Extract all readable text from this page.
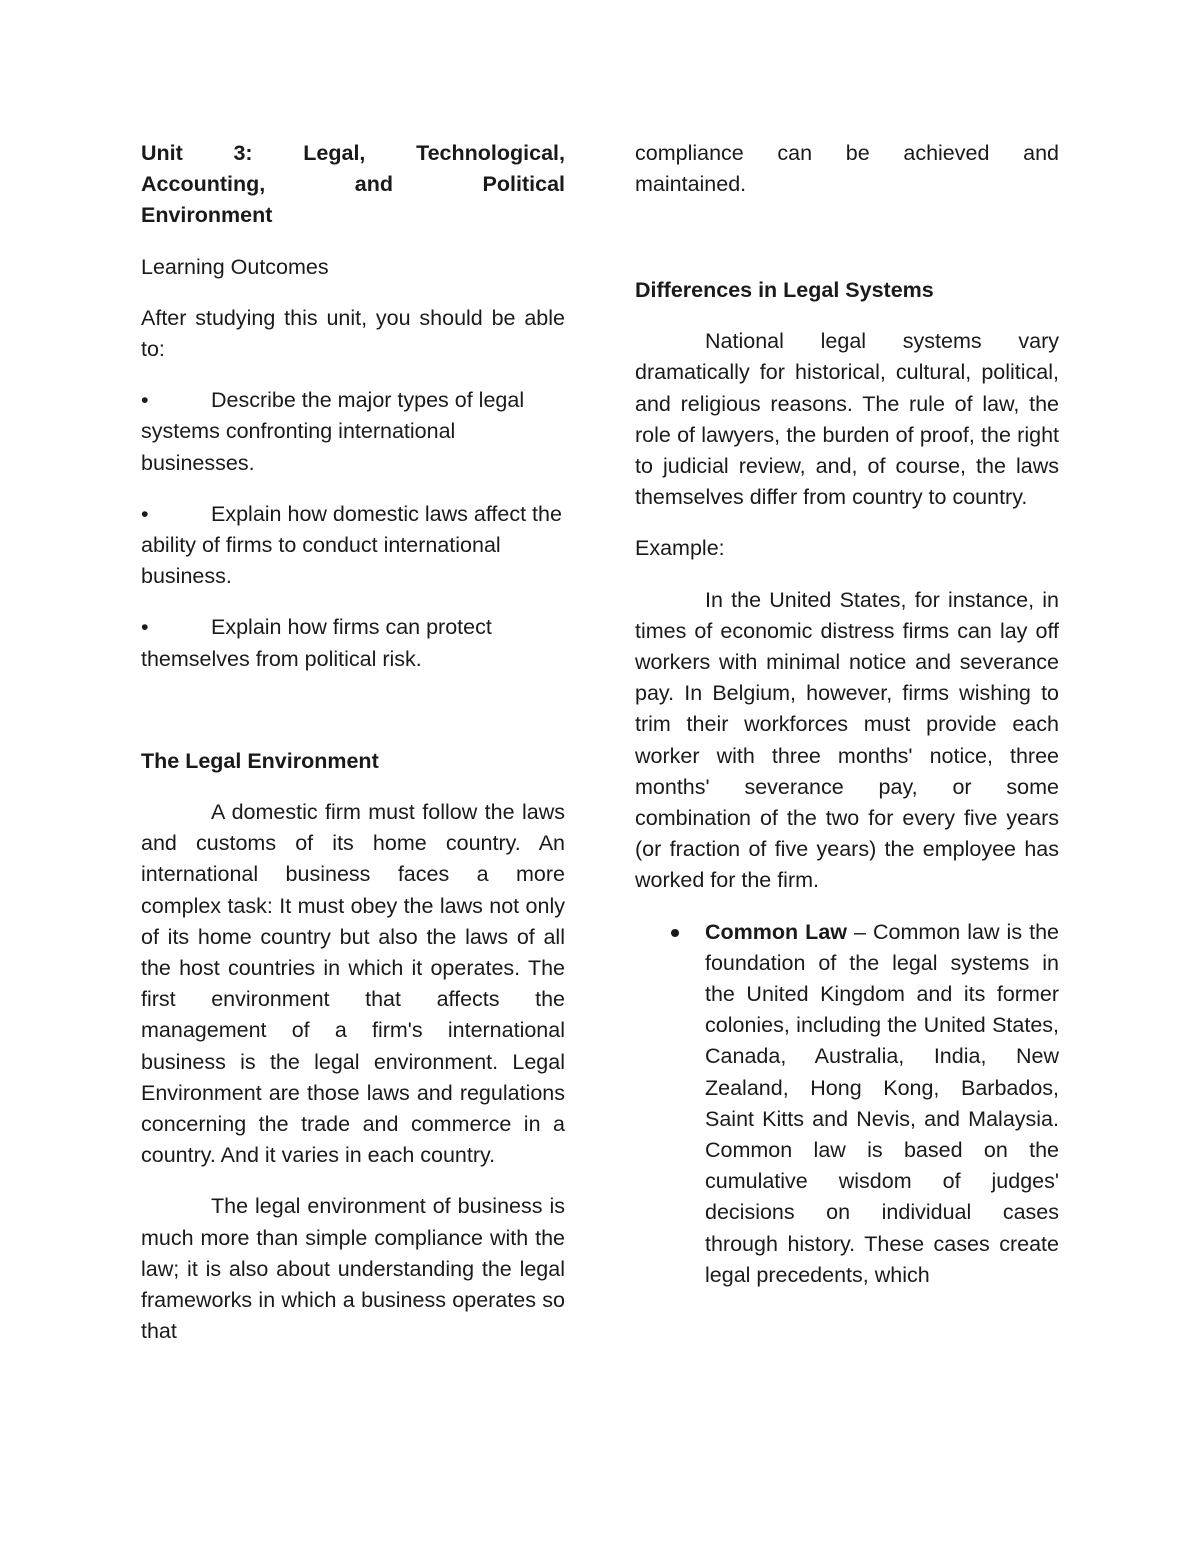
Unit 3: Legal, Technological,
Accounting, and Political
Environment

Learning Outcomes

After studying this unit, you should be able to:

•	Describe the major types of legal systems confronting international businesses.
•	Explain how domestic laws affect the ability of firms to conduct international business.
•	Explain how firms can protect themselves from political risk.
The Legal Environment

A domestic firm must follow the laws and customs of its home country. An international business faces a more complex task: It must obey the laws not only of its home country but also the laws of all the host countries in which it operates. The first environment that affects the management of a firm's international business is the legal environment. Legal Environment are those laws and regulations concerning the trade and commerce in a country. And it varies in each country.

The legal environment of business is much more than simple compliance with the law; it is also about understanding the legal frameworks in which a business operates so that

Differences in Legal Systems

National legal systems vary dramatically for historical, cultural, political, and religious reasons. The rule of law, the role of lawyers, the burden of proof, the right to judicial review, and, of course, the laws themselves differ from country to country.

Example:

In the United States, for instance, in times of economic distress firms can lay off workers with minimal notice and severance pay. In Belgium, however, firms wishing to trim their workforces must provide each worker with three months' notice, three months' severance pay, or some combination of the two for every five years (or fraction of five years) the employee has worked for the firm.

Common Law – Common law is the foundation of the legal systems in the United Kingdom and its former colonies, including the United States, Canada, Australia, India, New Zealand, Hong Kong, Barbados, Saint Kitts and Nevis, and Malaysia. Common law is based on the cumulative wisdom of judges' decisions on individual cases through history. These cases create legal precedents, which
compliance can be achieved and maintained.
